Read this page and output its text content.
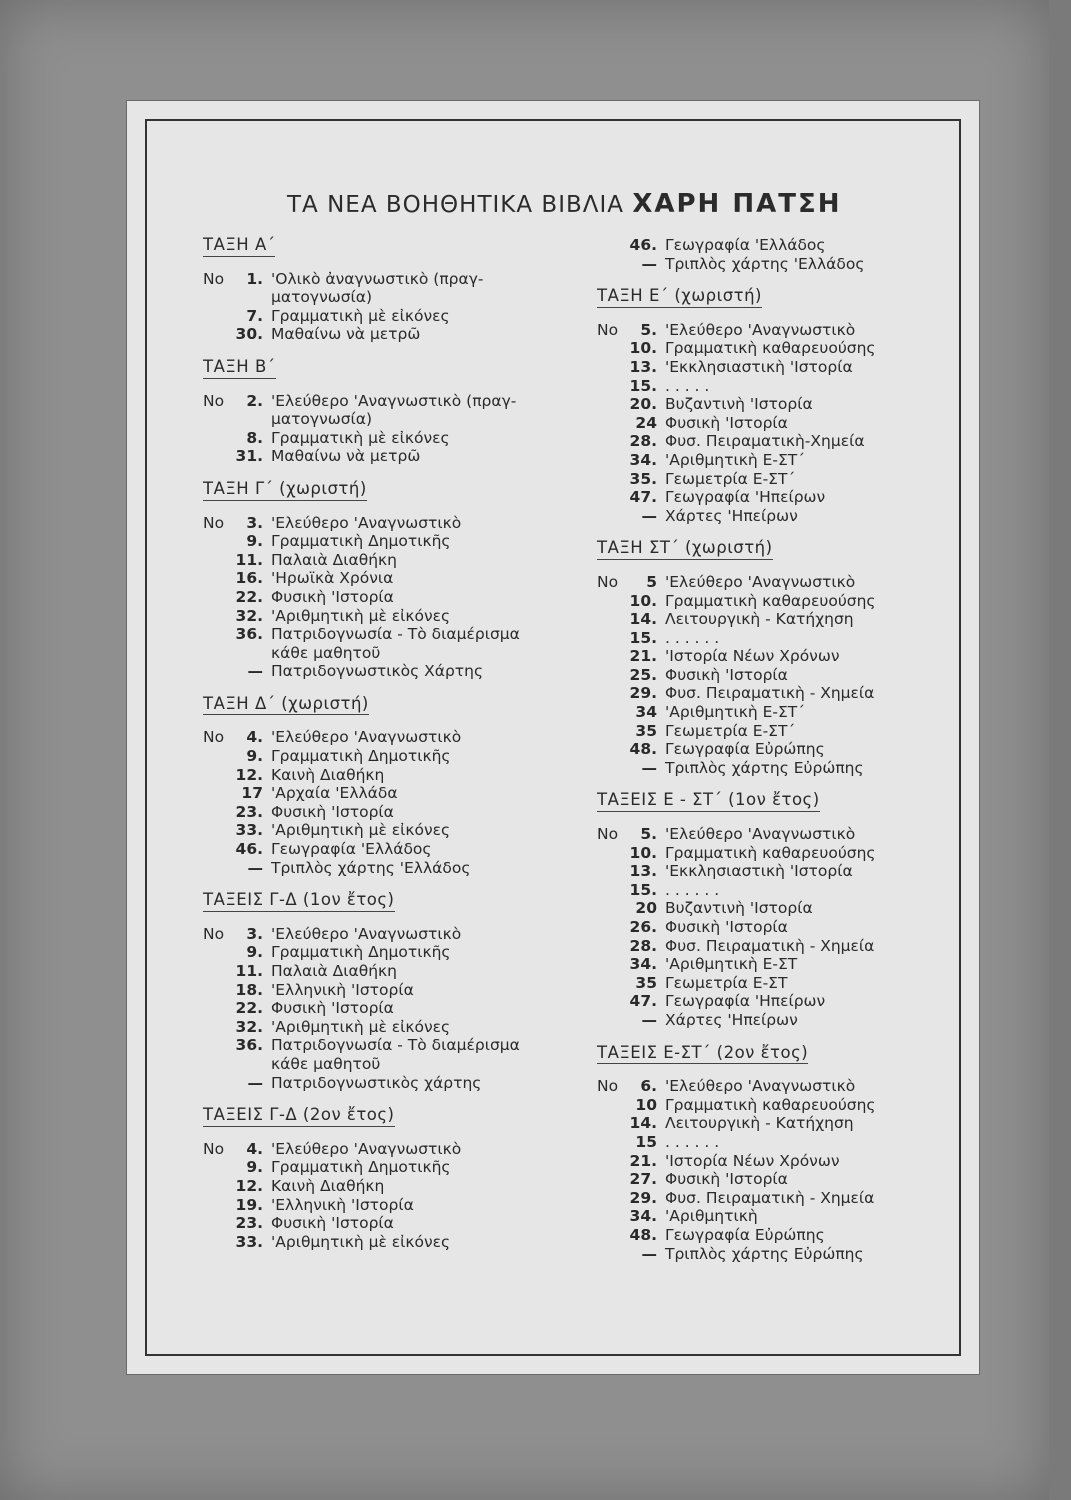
ΤΑ ΝΕΑ ΒΟΗΘΗΤΙΚΑ ΒΙΒΛΙΑ ΧΑΡΗ ΠΑΤΣΗ
ΤΑΞΗ Α΄
No	1. 'Ολικὸ ἀναγνωστικὸ (πραγ-
ματογνωσία)
7. Γραμματικὴ μὲ εἰκόνες
30. Μαθαίνω νὰ μετρῶ
ΤΑΞΗ Β΄
No	2. 'Ελεύθερο 'Αναγνωστικὸ (πραγ-
ματογνωσία)
8. Γραμματικὴ μὲ εἰκόνες
31. Μαθαίνω νὰ μετρῶ
ΤΑΞΗ Γ΄ (χωριστή)
No	3. 'Ελεύθερο 'Αναγνωστικὸ
9. Γραμματικὴ Δημοτικῆς
11. Παλαιὰ Διαθήκη
16. 'Ηρωϊκὰ Χρόνια
22. Φυσικὴ 'Ιστορία
32. 'Αριθμητικὴ μὲ εἰκόνες
36. Πατριδογνωσία - Τὸ διαμέρισμα
κάθε μαθητοῦ
— Πατριδογνωστικὸς Χάρτης
ΤΑΞΗ Δ΄ (χωριστή)
No	4. 'Ελεύθερο 'Αναγνωστικὸ
9. Γραμματικὴ Δημοτικῆς
12. Καινὴ Διαθήκη
17 'Αρχαία 'Ελλάδα
23. Φυσικὴ 'Ιστορία
33. 'Αριθμητικὴ μὲ εἰκόνες
46. Γεωγραφία 'Ελλάδος
— Τριπλὸς χάρτης 'Ελλάδος
ΤΑΞΕΙΣ Γ-Δ (1ον ἔτος)
No	3. 'Ελεύθερο 'Αναγνωστικὸ
9. Γραμματικὴ Δημοτικῆς
11. Παλαιὰ Διαθήκη
18. 'Ελληνικὴ 'Ιστορία
22. Φυσικὴ 'Ιστορία
32. 'Αριθμητικὴ μὲ εἰκόνες
36. Πατριδογνωσία - Τὸ διαμέρισμα
κάθε μαθητοῦ
— Πατριδογνωστικὸς χάρτης
ΤΑΞΕΙΣ Γ-Δ (2ον ἔτος)
No	4. 'Ελεύθερο 'Αναγνωστικὸ
9. Γραμματικὴ Δημοτικῆς
12. Καινὴ Διαθήκη
19. 'Ελληνικὴ 'Ιστορία
23. Φυσικὴ 'Ιστορία
33. 'Αριθμητικὴ μὲ εἰκόνες
46. Γεωγραφία 'Ελλάδος
— Τριπλὸς χάρτης 'Ελλάδος
ΤΑΞΗ Ε΄ (χωριστή)
No	5. 'Ελεύθερο 'Αναγνωστικὸ
10. Γραμματικὴ καθαρευούσης
13. 'Εκκλησιαστικὴ 'Ιστορία
15. . . . . .
20. Βυζαντινὴ 'Ιστορία
24 Φυσικὴ 'Ιστορία
28. Φυσ. Πειραματικὴ-Χημεία
34. 'Αριθμητικὴ Ε-ΣΤ΄
35. Γεωμετρία Ε-ΣΤ΄
47. Γεωγραφία 'Ηπείρων
— Χάρτες 'Ηπείρων
ΤΑΞΗ ΣΤ΄ (χωριστή)
No	5 'Ελεύθερο 'Αναγνωστικὸ
10. Γραμματικὴ καθαρευούσης
14. Λειτουργικὴ - Κατήχηση
15. . . . . . .
21. 'Ιστορία Νέων Χρόνων
25. Φυσικὴ 'Ιστορία
29. Φυσ. Πειραματικὴ - Χημεία
34 'Αριθμητικὴ Ε-ΣΤ΄
35 Γεωμετρία Ε-ΣΤ΄
48. Γεωγραφία Εὐρώπης
— Τριπλὸς χάρτης Εὐρώπης
ΤΑΞΕΙΣ Ε - ΣΤ΄ (1ον ἔτος)
No	5. 'Ελεύθερο 'Αναγνωστικὸ
10. Γραμματικὴ καθαρευούσης
13. 'Εκκλησιαστικὴ 'Ιστορία
15. . . . . . .
20 Βυζαντινὴ 'Ιστορία
26. Φυσικὴ 'Ιστορία
28. Φυσ. Πειραματικὴ - Χημεία
34. 'Αριθμητικὴ Ε-ΣΤ
35 Γεωμετρία Ε-ΣΤ
47. Γεωγραφία 'Ηπείρων
— Χάρτες 'Ηπείρων
ΤΑΞΕΙΣ Ε-ΣΤ΄ (2ον ἔτος)
No	6. 'Ελεύθερο 'Αναγνωστικὸ
10 Γραμματικὴ καθαρευούσης
14. Λειτουργικὴ - Κατήχηση
15 . . . . . .
21. 'Ιστορία Νέων Χρόνων
27. Φυσικὴ 'Ιστορία
29. Φυσ. Πειραματικὴ - Χημεία
34. 'Αριθμητικὴ
48. Γεωγραφία Εὐρώπης
— Τριπλὸς χάρτης Εὐρώπης
